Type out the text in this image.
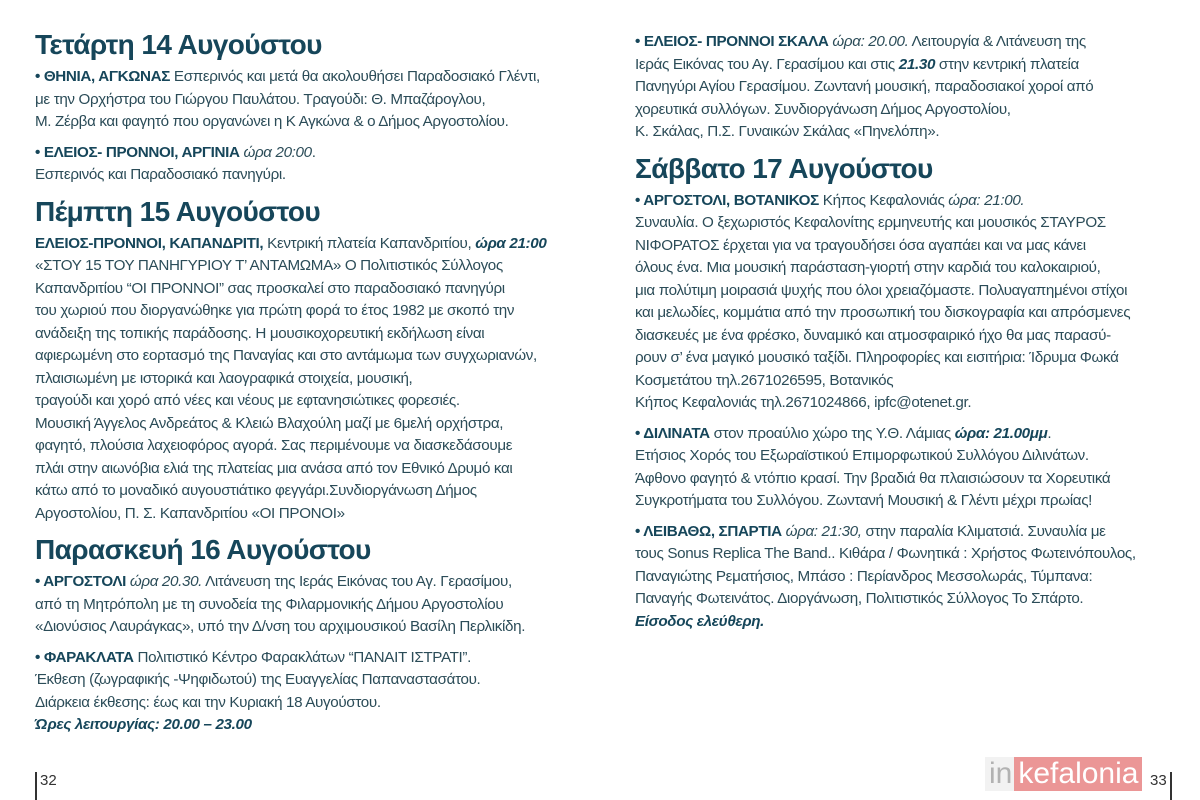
Τετάρτη 14 Αυγούστου
• ΘΗΝΙΑ, ΑΓΚΩΝΑΣ Εσπερινός και μετά θα ακολουθήσει Παραδοσιακό Γλέντι,
με την Ορχήστρα του Γιώργου Παυλάτου. Τραγούδι: Θ. Μπαζάρογλου,
Μ. Ζέρβα και φαγητό που οργανώνει η Κ Αγκώνα & ο Δήμος Αργοστολίου.
• ΕΛΕΙΟΣ- ΠΡΟΝΝΟΙ, ΑΡΓΙΝΙΑ ώρα 20:00.
Εσπερινός και Παραδοσιακό πανηγύρι.
Πέμπτη 15 Αυγούστου
ΕΛΕΙΟΣ-ΠΡΟΝΝΟΙ, ΚΑΠΑΝΔΡΙΤΙ, Κεντρική πλατεία Καπανδριτίου, ώρα 21:00
«ΣΤΟΥ 15 ΤΟΥ ΠΑΝΗΓΥΡΙΟΥ Τ’ ΑΝΤΑΜΩΜΑ» Ο Πολιτιστικός Σύλλογος
Καπανδριτίου “ΟΙ ΠΡΟΝΝΟΙ” σας προσκαλεί στο παραδοσιακό πανηγύρι
του χωριού που διοργανώθηκε για πρώτη φορά το έτος 1982 με σκοπό την
ανάδειξη της τοπικής παράδοσης. Η μουσικοχορευτική εκδήλωση είναι
αφιερωμένη στο εορτασμό της Παναγίας και στο αντάμωμα των συγχωριανών,
πλαισιωμένη με ιστορικά και λαογραφικά στοιχεία, μουσική,
τραγούδι και χορό από νέες και νέους με εφτανησιώτικες φορεσιές.
Μουσική Άγγελος Ανδρεάτος & Κλειώ Βλαχούλη μαζί με 6μελή ορχήστρα,
φαγητό, πλούσια λαχειοφόρος αγορά. Σας περιμένουμε να διασκεδάσουμε
πλάι στην αιωνόβια ελιά της πλατείας μια ανάσα από τον Εθνικό Δρυμό και
κάτω από το μοναδικό αυγουστιάτικο φεγγάρι.Συνδιοργάνωση Δήμος
Αργοστολίου, Π. Σ. Καπανδριτίου «ΟΙ ΠΡΟΝΟΙ»
Παρασκευή 16 Αυγούστου
• ΑΡΓΟΣΤΟΛΙ ώρα 20.30. Λιτάνευση της Ιεράς Εικόνας του Αγ. Γερασίμου,
από τη Μητρόπολη με τη συνοδεία της Φιλαρμονικής Δήμου Αργοστολίου
«Διονύσιος Λαυράγκας», υπό την Δ/νση του αρχιμουσικού Βασίλη Περλικίδη.
• ΦΑΡΑΚΛΑΤΑ Πολιτιστικό Κέντρο Φαρακλάτων “ΠΑΝΑΙΤ ΙΣΤΡΑΤΙ”.
Έκθεση (ζωγραφικής -Ψηφιδωτού) της Ευαγγελίας Παπαναστασάτου.
Διάρκεια έκθεσης: έως και την Κυριακή 18 Αυγούστου.
Ώρες λειτουργίας: 20.00 – 23.00
• ΕΛΕΙΟΣ- ΠΡΟΝΝΟΙ ΣΚΑΛΑ ώρα: 20.00. Λειτουργία & Λιτάνευση της
Ιεράς Εικόνας του Αγ. Γερασίμου και στις 21.30 στην κεντρική πλατεία
Πανηγύρι Αγίου Γερασίμου. Ζωντανή μουσική, παραδοσιακοί χοροί από
χορευτικά συλλόγων. Συνδιοργάνωση Δήμος Αργοστολίου,
Κ. Σκάλας, Π.Σ. Γυναικών Σκάλας «Πηνελόπη».
Σάββατο 17 Αυγούστου
• ΑΡΓΟΣΤΟΛΙ, ΒΟΤΑΝΙΚΟΣ Κήπος Κεφαλονιάς ώρα: 21:00.
Συναυλία. Ο ξεχωριστός Κεφαλονίτης ερμηνευτής και μουσικός ΣΤΑΥΡΟΣ
ΝΙΦΟΡΑΤΟΣ έρχεται για να τραγουδήσει όσα αγαπάει και να μας κάνει
όλους ένα. Μια μουσική παράσταση-γιορτή στην καρδιά του καλοκαιριού,
μια πολύτιμη μοιρασιά ψυχής που όλοι χρειαζόμαστε. Πολυαγαπημένοι στίχοι
και μελωδίες, κομμάτια από την προσωπική του δισκογραφία και απρόσμενες
διασκευές με ένα φρέσκο, δυναμικό και ατμοσφαιρικό ήχο θα μας παρασύ-
ρουν σ’ ένα μαγικό μουσικό ταξίδι. Πληροφορίες και εισιτήρια: Ίδρυμα Φωκά
Κοσμετάτου τηλ.2671026595, Βοτανικός
Κήπος Κεφαλονιάς τηλ.2671024866, ipfc@otenet.gr.
• ΔΙΛΙΝΑΤΑ στον προαύλιο χώρο της Υ.Θ. Λάμιας ώρα: 21.00μμ.
Ετήσιος Χορός του Εξωραϊστικού Επιμορφωτικού Συλλόγου Διλινάτων.
Άφθονο φαγητό & ντόπιο κρασί. Την βραδιά θα πλαισιώσουν τα Χορευτικά
Συγκροτήματα του Συλλόγου. Ζωντανή Μουσική & Γλέντι μέχρι πρωίας!
• ΛΕΙΒΑΘΩ, ΣΠΑΡΤΙΑ ώρα: 21:30, στην παραλία Κλιματσιά. Συναυλία με
τους Sonus Replica The Band.. Κιθάρα / Φωνητικά : Χρήστος Φωτεινόπουλος,
Παναγιώτης Ρεματήσιος, Μπάσο : Περίανδρος Μεσσολωράς, Τύμπανα:
Παναγής Φωτεινάτος. Διοργάνωση, Πολιτιστικός Σύλλογος Το Σπάρτο.
Είσοδος ελεύθερη.
32	in kefalonia 33
